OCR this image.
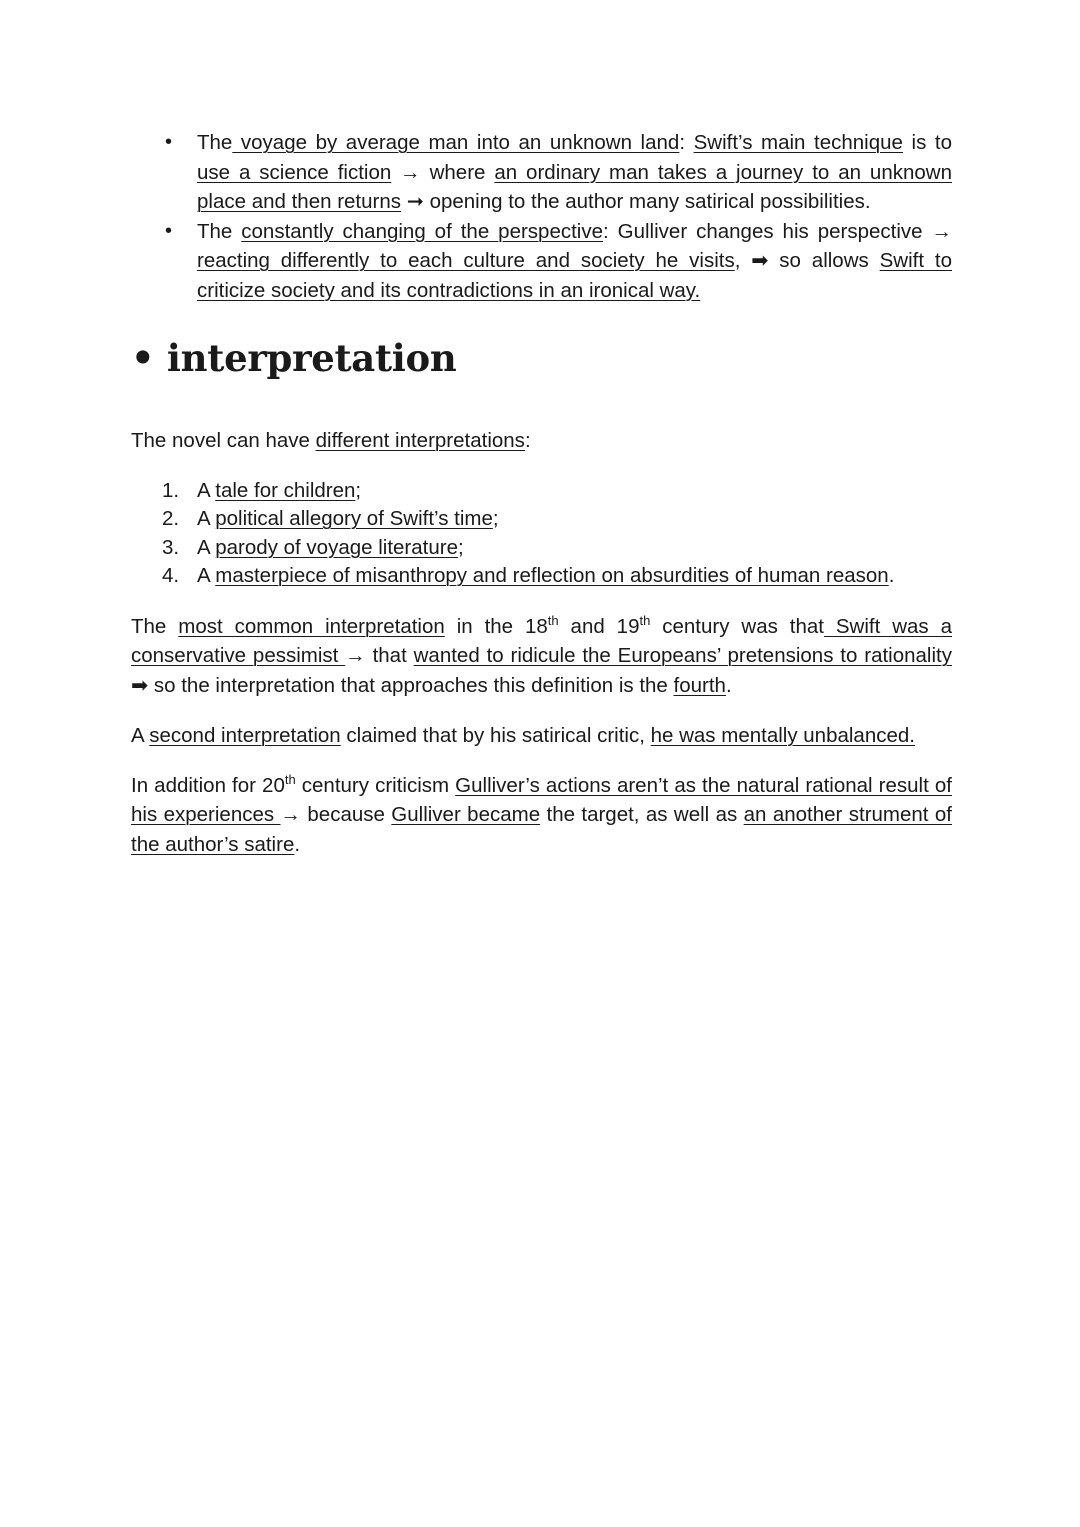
• The voyage by average man into an unknown land: Swift’s main technique is to use a science fiction → where an ordinary man takes a journey to an unknown place and then returns ➞ opening to the author many satirical possibilities.
• The constantly changing of the perspective: Gulliver changes his perspective → reacting differently to each culture and society he visits, ➡ so allows Swift to criticize society and its contradictions in an ironical way.
• interpretation

The novel can have different interpretations:

1. A tale for children;
2. A political allegory of Swift’s time;
3. A parody of voyage literature;
4. A masterpiece of misanthropy and reflection on absurdities of human reason.

The most common interpretation in the 18th and 19th century was that Swift was a conservative pessimist → that wanted to ridicule the Europeans’ pretensions to rationality ➡ so the interpretation that approaches this definition is the fourth.

A second interpretation claimed that by his satirical critic, he was mentally unbalanced.

In addition for 20th century criticism Gulliver’s actions aren’t as the natural rational result of his experiences → because Gulliver became the target, as well as an another strument of the author’s satire.
